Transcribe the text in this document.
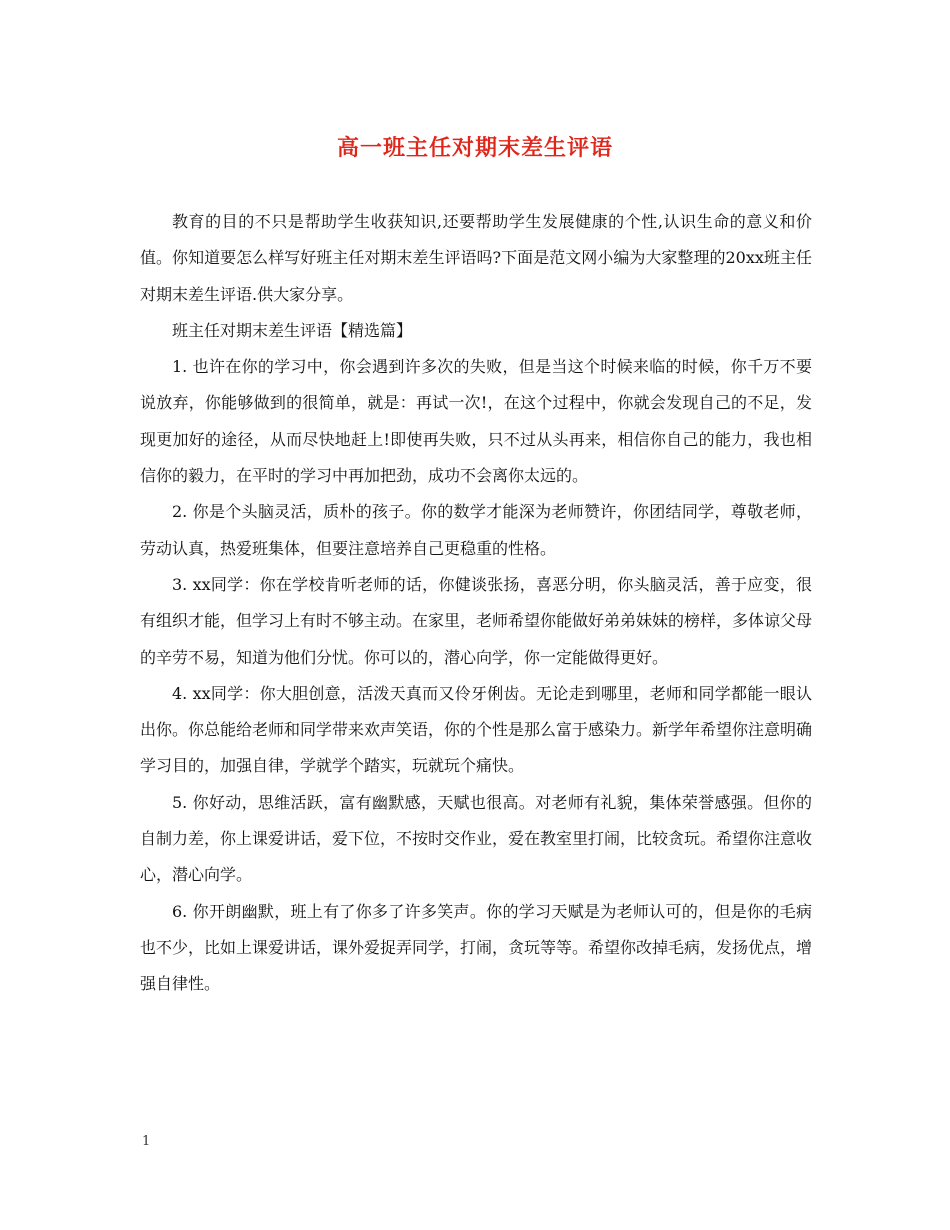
高一班主任对期末差生评语

教育的目的不只是帮助学生收获知识,还要帮助学生发展健康的个性,认识生命的意义和价值。你知道要怎么样写好班主任对期末差生评语吗?下面是范文网小编为大家整理的20xx班主任对期末差生评语.供大家分享。

班主任对期末差生评语【精选篇】

1. 也许在你的学习中，你会遇到许多次的失败，但是当这个时候来临的时候，你千万不要说放弃，你能够做到的很简单，就是：再试一次!，在这个过程中，你就会发现自己的不足，发现更加好的途径，从而尽快地赶上!即使再失败，只不过从头再来，相信你自己的能力，我也相信你的毅力，在平时的学习中再加把劲，成功不会离你太远的。

2. 你是个头脑灵活，质朴的孩子。你的数学才能深为老师赞许，你团结同学，尊敬老师，劳动认真，热爱班集体，但要注意培养自己更稳重的性格。

3. xx同学：你在学校肯听老师的话，你健谈张扬，喜恶分明，你头脑灵活，善于应变，很有组织才能，但学习上有时不够主动。在家里，老师希望你能做好弟弟妹妹的榜样，多体谅父母的辛劳不易，知道为他们分忧。你可以的，潜心向学，你一定能做得更好。

4. xx同学：你大胆创意，活泼天真而又伶牙俐齿。无论走到哪里，老师和同学都能一眼认出你。你总能给老师和同学带来欢声笑语，你的个性是那么富于感染力。新学年希望你注意明确学习目的，加强自律，学就学个踏实，玩就玩个痛快。

5. 你好动，思维活跃，富有幽默感，天赋也很高。对老师有礼貌，集体荣誉感强。但你的自制力差，你上课爱讲话，爱下位，不按时交作业，爱在教室里打闹，比较贪玩。希望你注意收心，潜心向学。

6. 你开朗幽默，班上有了你多了许多笑声。你的学习天赋是为老师认可的，但是你的毛病也不少，比如上课爱讲话，课外爱捉弄同学，打闹，贪玩等等。希望你改掉毛病，发扬优点，增强自律性。

1
